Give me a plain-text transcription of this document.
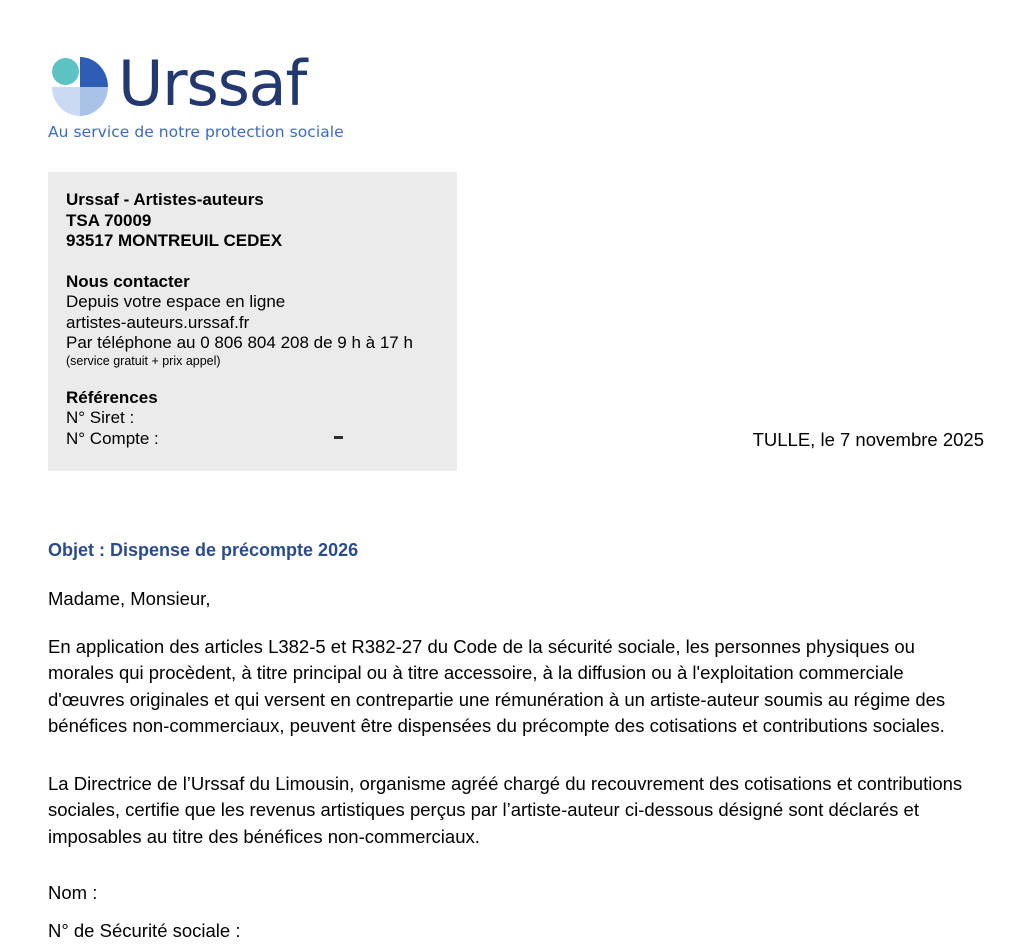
Urssaf
Au service de notre protection sociale
Urssaf - Artistes-auteurs
TSA 70009
93517 MONTREUIL CEDEX
Nous contacter
Depuis votre espace en ligne
artistes-auteurs.urssaf.fr
Par téléphone au 0 806 804 208 de 9 h à 17 h
(service gratuit + prix appel)
Références
N° Siret :
N° Compte :	TULLE, le 7 novembre 2025
Objet : Dispense de précompte 2026
Madame, Monsieur,
En application des articles L382-5 et R382-27 du Code de la sécurité sociale, les personnes physiques ou morales qui procèdent, à titre principal ou à titre accessoire, à la diffusion ou à l'exploitation commerciale d'œuvres originales et qui versent en contrepartie une rémunération à un artiste-auteur soumis au régime des bénéfices non-commerciaux, peuvent être dispensées du précompte des cotisations et contributions sociales.
La Directrice de l’Urssaf du Limousin, organisme agréé chargé du recouvrement des cotisations et contributions sociales, certifie que les revenus artistiques perçus par l’artiste-auteur ci-dessous désigné sont déclarés et imposables au titre des bénéfices non-commerciaux.
Nom :
N° de Sécurité sociale :
